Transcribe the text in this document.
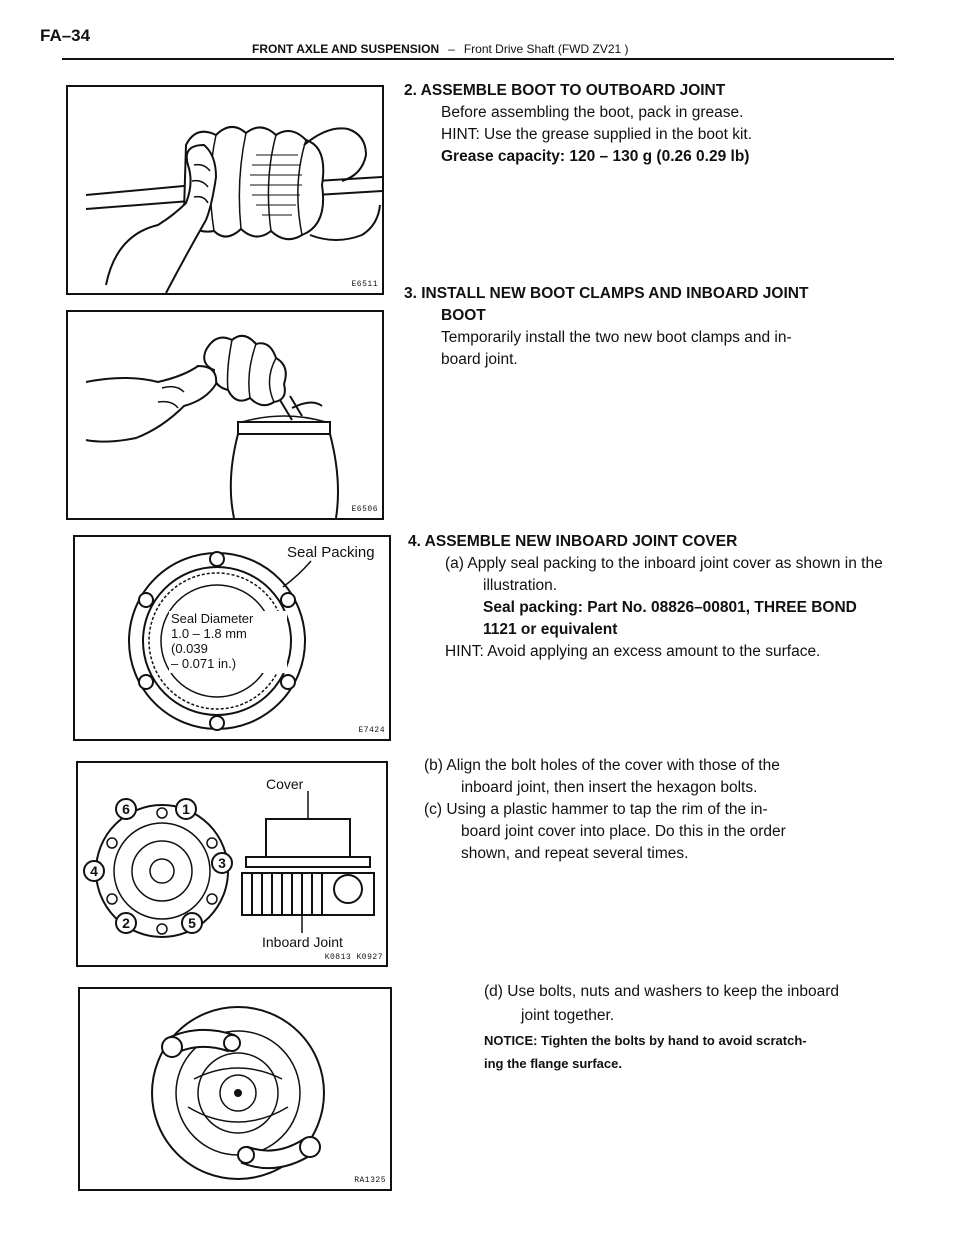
FA–34
FRONT AXLE AND SUSPENSION – Front Drive Shaft (FWD ZV21 )
E6511
E6506
Seal Packing
Seal Diameter
1.0 – 1.8 mm
(0.039
– 0.071 in.)
E7424
1
2
3
4
5
6
Cover
Inboard Joint
K0813 K0927
RA1325
2. ASSEMBLE BOOT TO OUTBOARD JOINT
Before assembling the boot, pack in grease.
HINT: Use the grease supplied in the boot kit.
Grease capacity: 120 – 130 g (0.26 0.29 lb)
3. INSTALL NEW BOOT CLAMPS AND INBOARD JOINT
BOOT
Temporarily install the two new boot clamps and in-
board joint.
4. ASSEMBLE NEW INBOARD JOINT COVER
(a) Apply seal packing to the inboard joint cover as shown in the
illustration.
Seal packing: Part No. 08826–00801, THREE BOND
1121 or equivalent
HINT: Avoid applying an excess amount to the surface.
(b) Align the bolt holes of the cover with those of the
inboard joint, then insert the hexagon bolts.
(c) Using a plastic hammer to tap the rim of the in-
board joint cover into place. Do this in the order
shown, and repeat several times.
(d) Use bolts, nuts and washers to keep the inboard
joint together.
NOTICE: Tighten the bolts by hand to avoid scratch-
ing the flange surface.
